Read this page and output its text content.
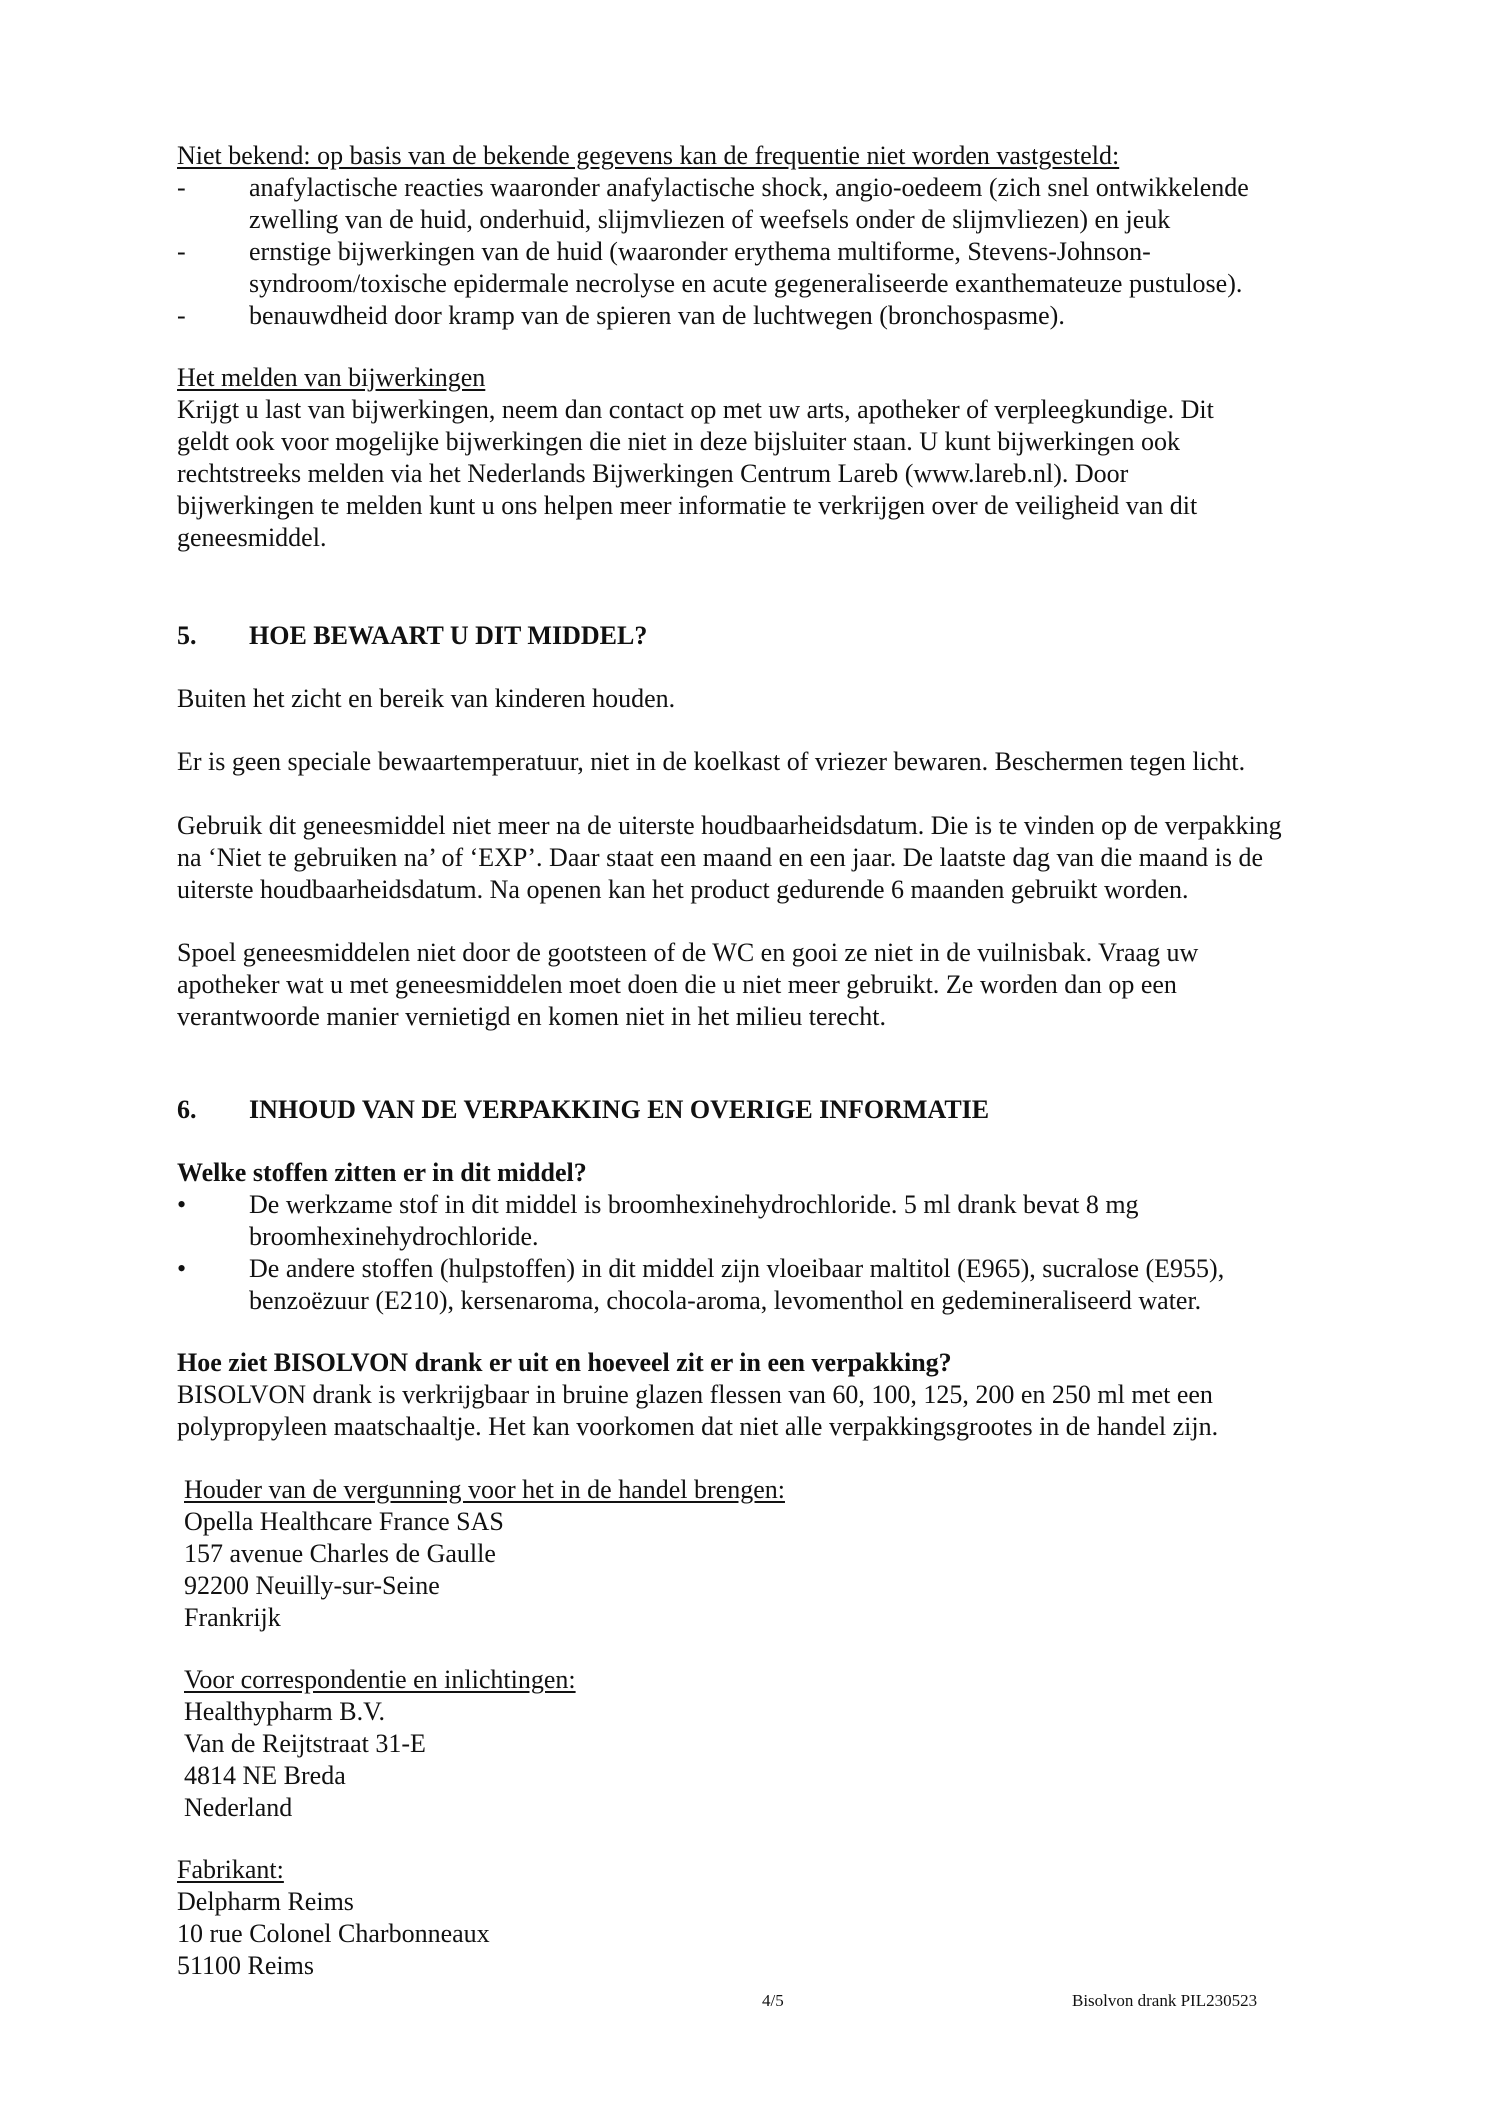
Niet bekend: op basis van de bekende gegevens kan de frequentie niet worden vastgesteld:
- anafylactische reacties waaronder anafylactische shock, angio-oedeem (zich snel ontwikkelende
zwelling van de huid, onderhuid, slijmvliezen of weefsels onder de slijmvliezen) en jeuk
- ernstige bijwerkingen van de huid (waaronder erythema multiforme, Stevens-Johnson-
syndroom/toxische epidermale necrolyse en acute gegeneraliseerde exanthemateuze pustulose).
- benauwdheid door kramp van de spieren van de luchtwegen (bronchospasme).
Het melden van bijwerkingen
Krijgt u last van bijwerkingen, neem dan contact op met uw arts, apotheker of verpleegkundige. Dit
geldt ook voor mogelijke bijwerkingen die niet in deze bijsluiter staan. U kunt bijwerkingen ook
rechtstreeks melden via het Nederlands Bijwerkingen Centrum Lareb (www.lareb.nl). Door
bijwerkingen te melden kunt u ons helpen meer informatie te verkrijgen over de veiligheid van dit
geneesmiddel.
5. HOE BEWAART U DIT MIDDEL?
Buiten het zicht en bereik van kinderen houden.
Er is geen speciale bewaartemperatuur, niet in de koelkast of vriezer bewaren. Beschermen tegen licht.
Gebruik dit geneesmiddel niet meer na de uiterste houdbaarheidsdatum. Die is te vinden op de verpakking
na ‘Niet te gebruiken na’ of ‘EXP’. Daar staat een maand en een jaar. De laatste dag van die maand is de
uiterste houdbaarheidsdatum. Na openen kan het product gedurende 6 maanden gebruikt worden.
Spoel geneesmiddelen niet door de gootsteen of de WC en gooi ze niet in de vuilnisbak. Vraag uw
apotheker wat u met geneesmiddelen moet doen die u niet meer gebruikt. Ze worden dan op een
verantwoorde manier vernietigd en komen niet in het milieu terecht.
6. INHOUD VAN DE VERPAKKING EN OVERIGE INFORMATIE
Welke stoffen zitten er in dit middel?
• De werkzame stof in dit middel is broomhexinehydrochloride. 5 ml drank bevat 8 mg
broomhexinehydrochloride.
• De andere stoffen (hulpstoffen) in dit middel zijn vloeibaar maltitol (E965), sucralose (E955),
benzoëzuur (E210), kersenaroma, chocola-aroma, levomenthol en gedemineraliseerd water.
Hoe ziet BISOLVON drank er uit en hoeveel zit er in een verpakking?
BISOLVON drank is verkrijgbaar in bruine glazen flessen van 60, 100, 125, 200 en 250 ml met een
polypropyleen maatschaaltje. Het kan voorkomen dat niet alle verpakkingsgrootes in de handel zijn.
Houder van de vergunning voor het in de handel brengen:
Opella Healthcare France SAS
157 avenue Charles de Gaulle
92200 Neuilly-sur-Seine
Frankrijk
Voor correspondentie en inlichtingen:
Healthypharm B.V.
Van de Reijtstraat 31-E
4814 NE Breda
Nederland
Fabrikant:
Delpharm Reims
10 rue Colonel Charbonneaux
51100 Reims
4/5	Bisolvon drank PIL230523
